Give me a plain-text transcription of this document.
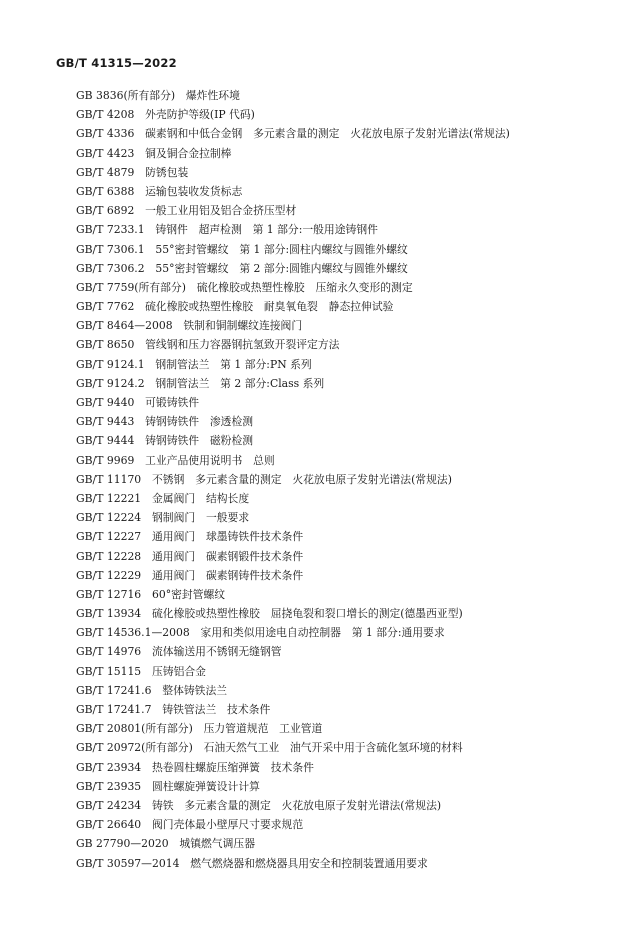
GB/T 41315—2022
GB 3836(所有部分)　爆炸性环境
GB/T 4208　外壳防护等级(IP 代码)
GB/T 4336　碳素钢和中低合金钢　多元素含量的测定　火花放电原子发射光谱法(常规法)
GB/T 4423　铜及铜合金拉制棒
GB/T 4879　防锈包装
GB/T 6388　运输包装收发货标志
GB/T 6892　一般工业用铝及铝合金挤压型材
GB/T 7233.1　铸钢件　超声检测　第 1 部分:一般用途铸钢件
GB/T 7306.1　55°密封管螺纹　第 1 部分:圆柱内螺纹与圆锥外螺纹
GB/T 7306.2　55°密封管螺纹　第 2 部分:圆锥内螺纹与圆锥外螺纹
GB/T 7759(所有部分)　硫化橡胶或热塑性橡胶　压缩永久变形的测定
GB/T 7762　硫化橡胶或热塑性橡胶　耐臭氧龟裂　静态拉伸试验
GB/T 8464—2008　铁制和铜制螺纹连接阀门
GB/T 8650　管线钢和压力容器钢抗氢致开裂评定方法
GB/T 9124.1　钢制管法兰　第 1 部分:PN 系列
GB/T 9124.2　钢制管法兰　第 2 部分:Class 系列
GB/T 9440　可锻铸铁件
GB/T 9443　铸钢铸铁件　渗透检测
GB/T 9444　铸钢铸铁件　磁粉检测
GB/T 9969　工业产品使用说明书　总则
GB/T 11170　不锈钢　多元素含量的测定　火花放电原子发射光谱法(常规法)
GB/T 12221　金属阀门　结构长度
GB/T 12224　钢制阀门　一般要求
GB/T 12227　通用阀门　球墨铸铁件技术条件
GB/T 12228　通用阀门　碳素钢锻件技术条件
GB/T 12229　通用阀门　碳素钢铸件技术条件
GB/T 12716　60°密封管螺纹
GB/T 13934　硫化橡胶或热塑性橡胶　屈挠龟裂和裂口增长的测定(德墨西亚型)
GB/T 14536.1—2008　家用和类似用途电自动控制器　第 1 部分:通用要求
GB/T 14976　流体输送用不锈钢无缝钢管
GB/T 15115　压铸铝合金
GB/T 17241.6　整体铸铁法兰
GB/T 17241.7　铸铁管法兰　技术条件
GB/T 20801(所有部分)　压力管道规范　工业管道
GB/T 20972(所有部分)　石油天然气工业　油气开采中用于含硫化氢环境的材料
GB/T 23934　热卷圆柱螺旋压缩弹簧　技术条件
GB/T 23935　圆柱螺旋弹簧设计计算
GB/T 24234　铸铁　多元素含量的测定　火花放电原子发射光谱法(常规法)
GB/T 26640　阀门壳体最小壁厚尺寸要求规范
GB 27790—2020　城镇燃气调压器
GB/T 30597—2014　燃气燃烧器和燃烧器具用安全和控制装置通用要求
